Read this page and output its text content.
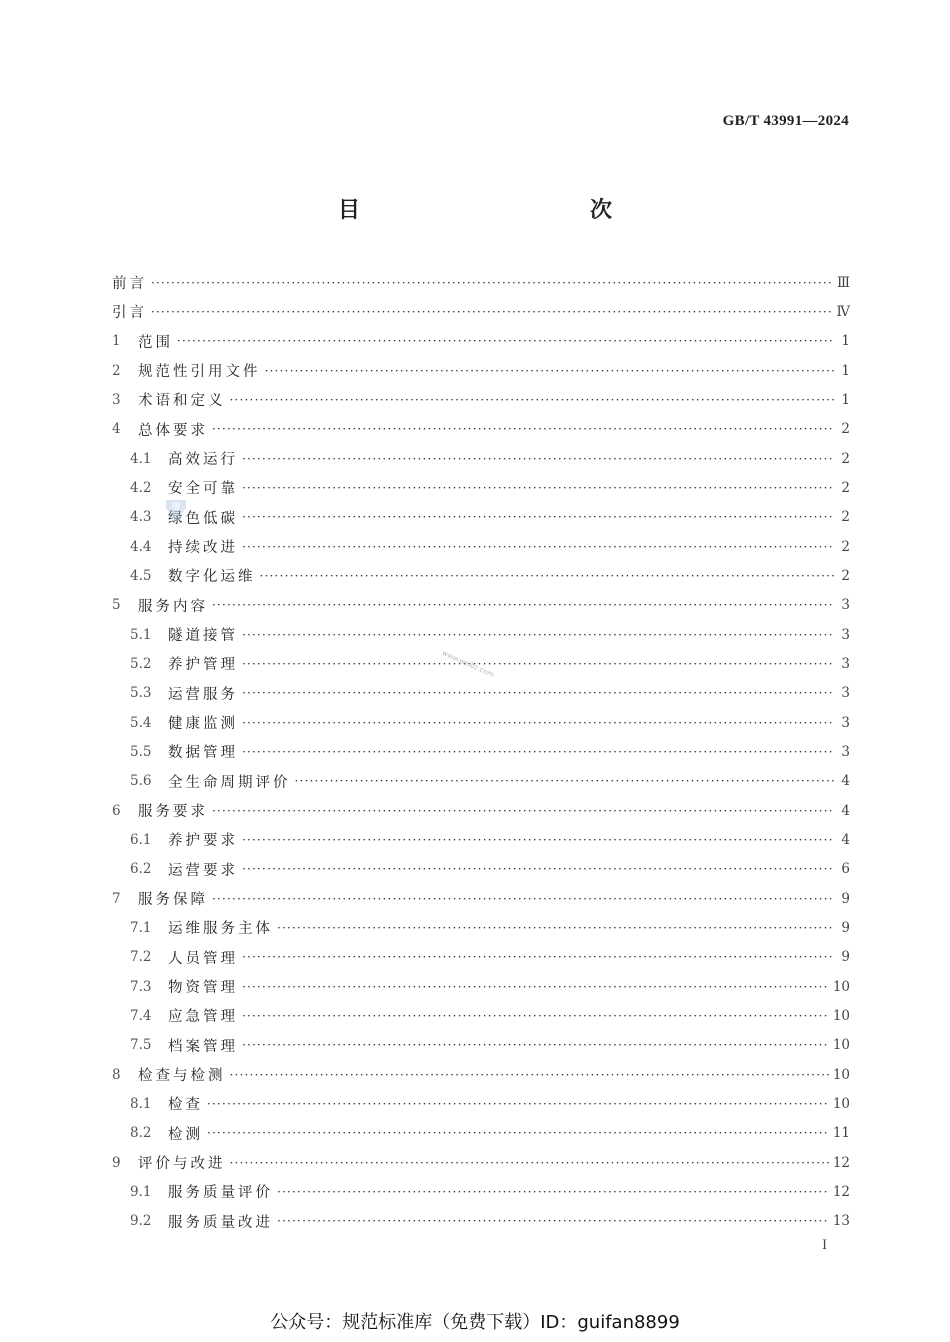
GB/T 43991—2024
目　　次
前言 ·····	Ⅲ
引言 ·····	Ⅳ
1	范围 ·····	1
2	规范性引用文件 ·····	1
3	术语和定义 ·····	1
4	总体要求 ·····	2
4.1	高效运行 ·····	2
4.2	安全可靠 ·····	2
4.3	绿色低碳 ·····	2
4.4	持续改进 ·····	2
4.5	数字化运维 ·····	2
5	服务内容 ·····	3
5.1	隧道接管 ·····	3
5.2	养护管理 ·····	3
5.3	运营服务 ·····	3
5.4	健康监测 ·····	3
5.5	数据管理 ·····	3
5.6	全生命周期评价 ·····	4
6	服务要求 ·····	4
6.1	养护要求 ·····	4
6.2	运营要求 ·····	6
7	服务保障 ·····	9
7.1	运维服务主体 ·····	9
7.2	人员管理 ·····	9
7.3	物资管理 ·····	10
7.4	应急管理 ·····	10
7.5	档案管理 ·····	10
8	检查与检测 ·····	10
8.1	检查 ·····	10
8.2	检测 ·····	11
9	评价与改进 ·····	12
9.1	服务质量评价 ·····	12
9.2	服务质量改进 ·····	13
www.weibz.com
I
公众号：规范标准库（免费下载）ID：guifan8899
